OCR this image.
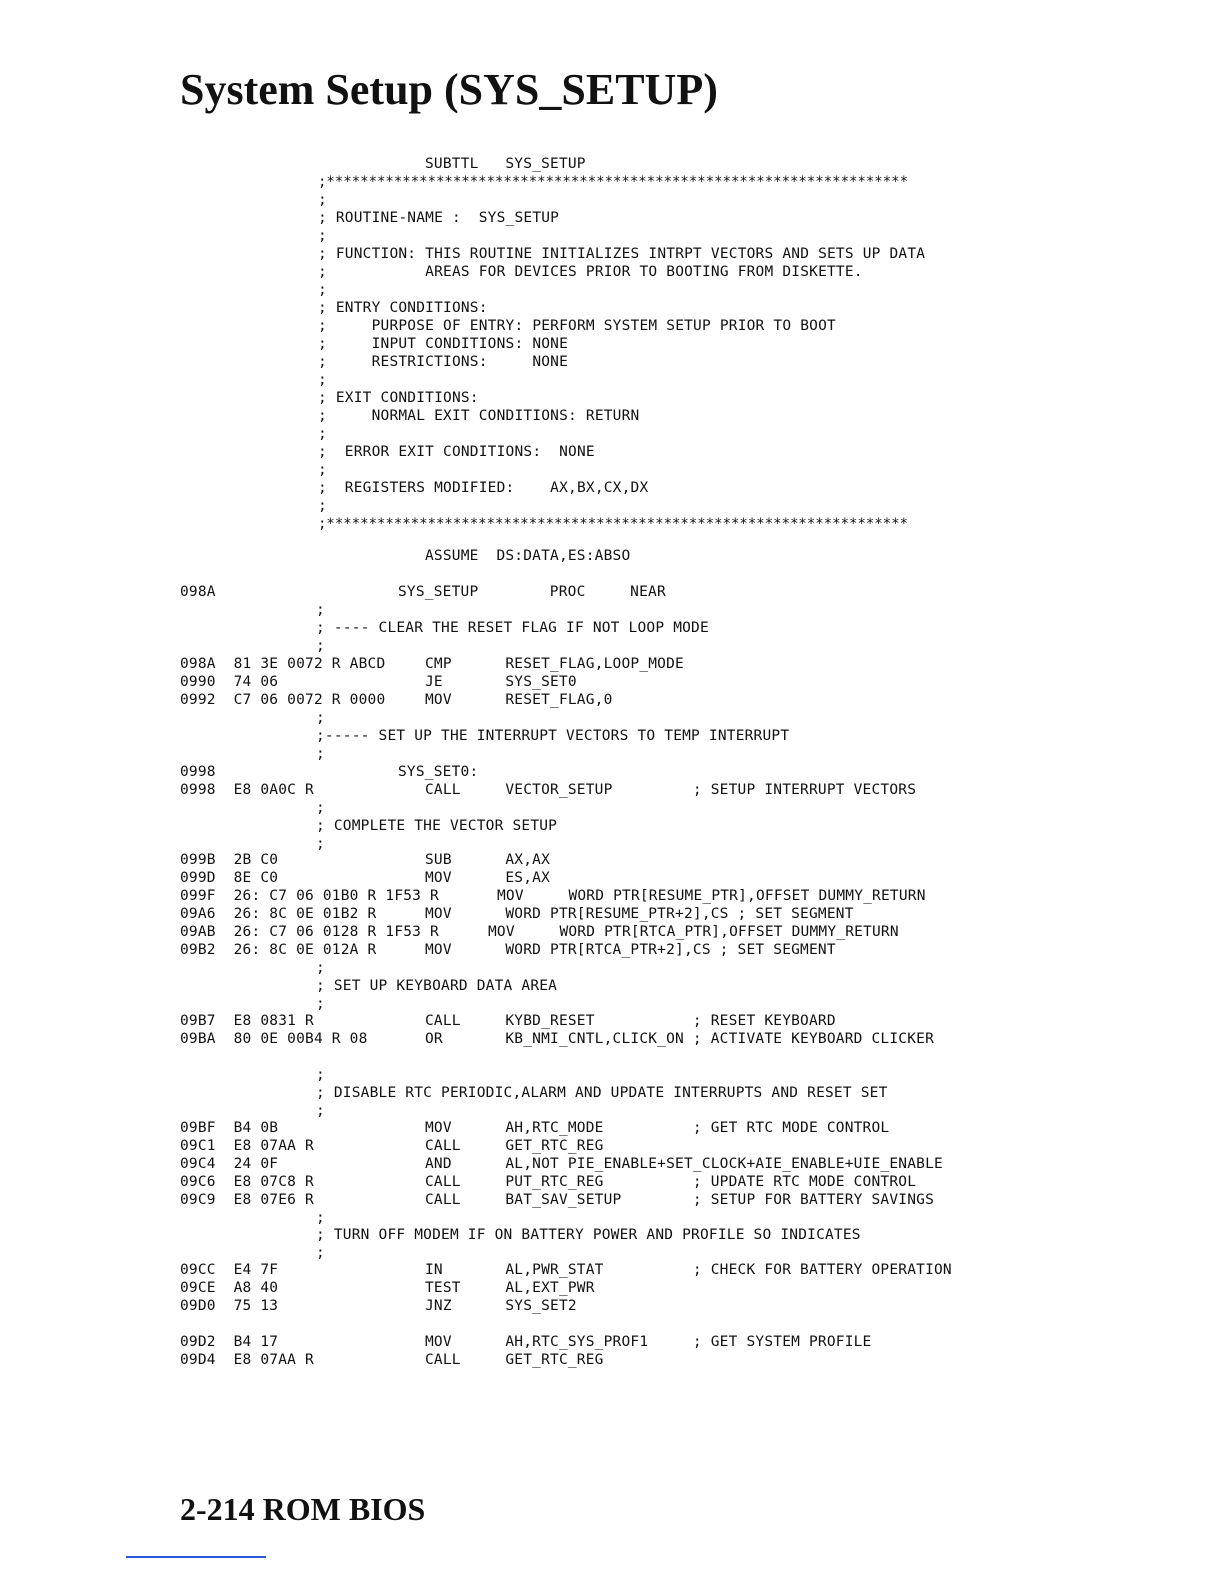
System Setup (SYS_SETUP)
SUBTTL   SYS_SETUP
;*********************************************************************
;
; ROUTINE-NAME :  SYS_SETUP
;
; FUNCTION: THIS ROUTINE INITIALIZES INTRPT VECTORS AND SETS UP DATA
;           AREAS FOR DEVICES PRIOR TO BOOTING FROM DISKETTE.
;
; ENTRY CONDITIONS:
;     PURPOSE OF ENTRY: PERFORM SYSTEM SETUP PRIOR TO BOOT
;     INPUT CONDITIONS: NONE
;     RESTRICTIONS:     NONE
;
; EXIT CONDITIONS:
;     NORMAL EXIT CONDITIONS: RETURN
;
;  ERROR EXIT CONDITIONS:  NONE
;
;  REGISTERS MODIFIED:    AX,BX,CX,DX
;
;*********************************************************************
ASSUME  DS:DATA,ES:ABSO
098A	SYS_SETUP        PROC     NEAR
;
; ---- CLEAR THE RESET FLAG IF NOT LOOP MODE
;
098A  81 3E 0072 R ABCD	CMP      RESET_FLAG,LOOP_MODE
0990  74 06	JE       SYS_SET0
0992  C7 06 0072 R 0000	MOV      RESET_FLAG,0
;
;----- SET UP THE INTERRUPT VECTORS TO TEMP INTERRUPT
;
0998	SYS_SET0:
0998  E8 0A0C R	CALL     VECTOR_SETUP         ; SETUP INTERRUPT VECTORS
;
; COMPLETE THE VECTOR SETUP
;
099B  2B C0	SUB      AX,AX
099D  8E C0	MOV      ES,AX
099F  26: C7 06 01B0 R 1F53 R	MOV     WORD PTR[RESUME_PTR],OFFSET DUMMY_RETURN
09A6  26: 8C 0E 01B2 R	MOV      WORD PTR[RESUME_PTR+2],CS ; SET SEGMENT
09AB  26: C7 06 0128 R 1F53 R	MOV     WORD PTR[RTCA_PTR],OFFSET DUMMY_RETURN
09B2  26: 8C 0E 012A R	MOV      WORD PTR[RTCA_PTR+2],CS ; SET SEGMENT
;
; SET UP KEYBOARD DATA AREA
;
09B7  E8 0831 R	CALL     KYBD_RESET           ; RESET KEYBOARD
09BA  80 0E 00B4 R 08	OR       KB_NMI_CNTL,CLICK_ON ; ACTIVATE KEYBOARD CLICKER
;
; DISABLE RTC PERIODIC,ALARM AND UPDATE INTERRUPTS AND RESET SET
;
09BF  B4 0B	MOV      AH,RTC_MODE          ; GET RTC MODE CONTROL
09C1  E8 07AA R	CALL     GET_RTC_REG
09C4  24 0F	AND      AL,NOT PIE_ENABLE+SET_CLOCK+AIE_ENABLE+UIE_ENABLE
09C6  E8 07C8 R	CALL     PUT_RTC_REG          ; UPDATE RTC MODE CONTROL
09C9  E8 07E6 R	CALL     BAT_SAV_SETUP        ; SETUP FOR BATTERY SAVINGS
;
; TURN OFF MODEM IF ON BATTERY POWER AND PROFILE SO INDICATES
;
09CC  E4 7F	IN       AL,PWR_STAT          ; CHECK FOR BATTERY OPERATION
09CE  A8 40	TEST     AL,EXT_PWR
09D0  75 13	JNZ      SYS_SET2
09D2  B4 17	MOV      AH,RTC_SYS_PROF1     ; GET SYSTEM PROFILE
09D4  E8 07AA R	CALL     GET_RTC_REG
2-214 ROM BIOS
